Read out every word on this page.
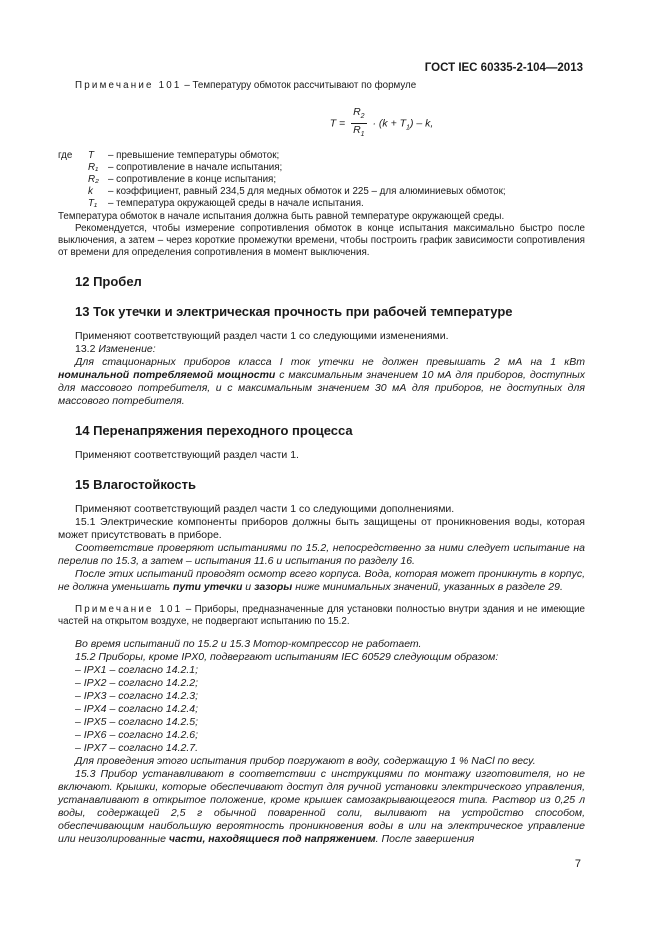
ГОСТ IEC 60335-2-104—2013

Примечание 101 – Температуру обмоток рассчитывают по формуле

$T = \frac{R_2}{R_1} \cdot (k + T_1) - k$,
где T – превышение температуры обмоток;
R₁ – сопротивление в начале испытания;
R₂ – сопротивление в конце испытания;
k – коэффициент, равный 234,5 для медных обмоток и 225 – для алюминиевых обмоток;
T₁ – температура окружающей среды в начале испытания.

Температура обмоток в начале испытания должна быть равной температуре окружающей среды.

Рекомендуется, чтобы измерение сопротивления обмоток в конце испытания максимально быстро после выключения, а затем – через короткие промежутки времени, чтобы построить график зависимости сопротивления от времени для определения сопротивления в момент выключения.

12 Пробел
13 Ток утечки и электрическая прочность при рабочей температуре

Применяют соответствующий раздел части 1 со следующими изменениями.

13.2 Изменение:

Для стационарных приборов класса I ток утечки не должен превышать 2 мА на 1 кВт номинальной потребляемой мощности с максимальным значением 10 мА для приборов, доступных для массового потребителя, и с максимальным значением 30 мА для приборов, не доступных для массового потребителя.

14 Перенапряжения переходного процесса

Применяют соответствующий раздел части 1.

15 Влагостойкость

Применяют соответствующий раздел части 1 со следующими дополнениями.

15.1 Электрические компоненты приборов должны быть защищены от проникновения воды, которая может присутствовать в приборе.

Соответствие проверяют испытаниями по 15.2, непосредственно за ними следует испытание на перелив по 15.3, а затем – испытания 11.6 и испытания по разделу 16.

После этих испытаний проводят осмотр всего корпуса. Вода, которая может проникнуть в корпус, не должна уменьшать пути утечки и зазоры ниже минимальных значений, указанных в разделе 29.

Примечание 101 – Приборы, предназначенные для установки полностью внутри здания и не имеющие частей на открытом воздухе, не подвергают испытанию по 15.2.

Во время испытаний по 15.2 и 15.3 Мотор-компрессор не работает.

15.2 Приборы, кроме IPX0, подвергают испытаниям IEC 60529 следующим образом:

– IPX1 – согласно 14.2.1;

– IPX2 – согласно 14.2.2;

– IPX3 – согласно 14.2.3;

– IPX4 – согласно 14.2.4;

– IPX5 – согласно 14.2.5;

– IPX6 – согласно 14.2.6;

– IPX7 – согласно 14.2.7.

Для проведения этого испытания прибор погружают в воду, содержащую 1 % NaCl по весу.

15.3 Прибор устанавливают в соответствии с инструкциями по монтажу изготовителя, но не включают. Крышки, которые обеспечивают доступ для ручной установки электрического управления, устанавливают в открытое положение, кроме крышек самозакрывающегося типа. Раствор из 0,25 л воды, содержащей 2,5 г обычной поваренной соли, выливают на устройство способом, обеспечивающим наибольшую вероятность проникновения воды в или на электрическое управление или неизолированные части, находящиеся под напряжением. После завершения

7
